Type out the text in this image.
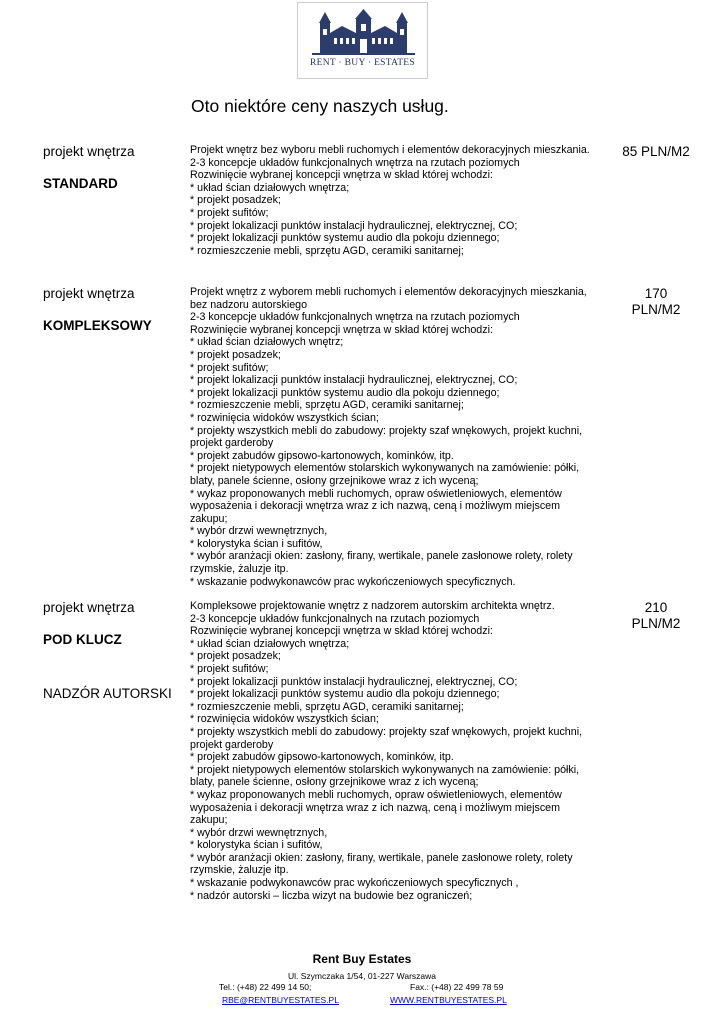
RENT · BUY · ESTATES
Oto niektóre ceny naszych usług.
projekt wnętrza
STANDARD
Projekt wnętrz bez wyboru mebli ruchomych i elementów dekoracyjnych mieszkania.
2-3 koncepcje układów funkcjonalnych wnętrza na rzutach poziomych
Rozwinięcie wybranej koncepcji wnętrza w skład której wchodzi:
* układ ścian działowych wnętrza;
* projekt posadzek;
* projekt sufitów;
* projekt lokalizacji punktów instalacji hydraulicznej, elektrycznej, CO;
* projekt lokalizacji punktów systemu audio dla pokoju dziennego;
* rozmieszczenie mebli, sprzętu AGD, ceramiki sanitarnej;
85 PLN/M2
projekt wnętrza
KOMPLEKSOWY
Projekt wnętrz z wyborem mebli ruchomych i elementów dekoracyjnych mieszkania,
bez nadzoru autorskiego
2-3 koncepcje układów funkcjonalnych wnętrza na rzutach poziomych
Rozwinięcie wybranej koncepcji wnętrza w skład której wchodzi:
* układ ścian działowych wnętrz;
* projekt posadzek;
* projekt sufitów;
* projekt lokalizacji punktów instalacji hydraulicznej, elektrycznej, CO;
* projekt lokalizacji punktów systemu audio dla pokoju dziennego;
* rozmieszczenie mebli, sprzętu AGD, ceramiki sanitarnej;
* rozwinięcia widoków wszystkich ścian;
* projekty wszystkich mebli do zabudowy: projekty szaf wnękowych, projekt kuchni,
projekt garderoby
* projekt zabudów gipsowo-kartonowych, kominków, itp.
* projekt nietypowych elementów stolarskich wykonywanych na zamówienie: półki,
blaty, panele ścienne, osłony grzejnikowe wraz z ich wyceną;
* wykaz proponowanych mebli ruchomych, opraw oświetleniowych, elementów
wyposażenia i dekoracji wnętrza wraz z ich nazwą, ceną i możliwym miejscem
zakupu;
* wybór drzwi wewnętrznych,
* kolorystyka ścian i sufitów,
* wybór aranżacji okien: zasłony, firany, wertikale, panele zasłonowe rolety, rolety
rzymskie, żaluzje itp.
* wskazanie podwykonawców prac wykończeniowych specyficznych.
170 PLN/M2
projekt wnętrza
POD KLUCZ
NADZÓR AUTORSKI
Kompleksowe projektowanie wnętrz z nadzorem autorskim architekta wnętrz.
2-3 koncepcje układów funkcjonalnych na rzutach poziomych
Rozwinięcie wybranej koncepcji wnętrza w skład której wchodzi:
* układ ścian działowych wnętrza;
* projekt posadzek;
* projekt sufitów;
* projekt lokalizacji punktów instalacji hydraulicznej, elektrycznej, CO;
* projekt lokalizacji punktów systemu audio dla pokoju dziennego;
* rozmieszczenie mebli, sprzętu AGD, ceramiki sanitarnej;
* rozwinięcia widoków wszystkich ścian;
* projekty wszystkich mebli do zabudowy: projekty szaf wnękowych, projekt kuchni,
projekt garderoby
* projekt zabudów gipsowo-kartonowych, kominków, itp.
* projekt nietypowych elementów stolarskich wykonywanych na zamówienie: półki,
blaty, panele ścienne, osłony grzejnikowe wraz z ich wyceną;
* wykaz proponowanych mebli ruchomych, opraw oświetleniowych, elementów
wyposażenia i dekoracji wnętrza wraz z ich nazwą, ceną i możliwym miejscem
zakupu;
* wybór drzwi wewnętrznych,
* kolorystyka ścian i sufitów,
* wybór aranżacji okien: zasłony, firany, wertikale, panele zasłonowe rolety, rolety
rzymskie, żaluzje itp.
* wskazanie podwykonawców prac wykończeniowych specyficznych ,
* nadzór autorski – liczba wizyt na budowie bez ograniczeń;
210 PLN/M2
Rent Buy Estates
Ul. Szymczaka 1/54, 01-227 Warszawa
Tel.: (+48) 22 499 14 50;	Fax.: (+48) 22 499 78 59
RBE@RENTBUYESTATES.PL	WWW.RENTBUYESTATES.PL
